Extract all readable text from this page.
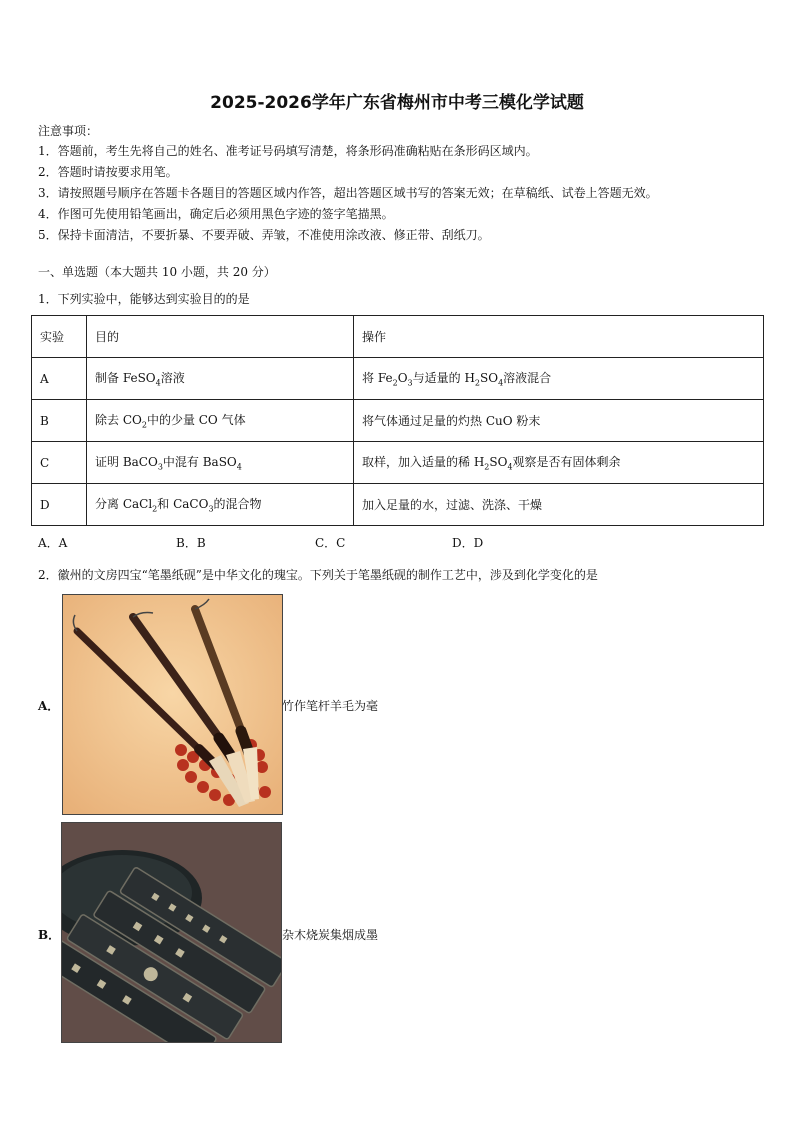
2025-2026学年广东省梅州市中考三模化学试题
注意事项：
1．答题前，考生先将自己的姓名、准考证号码填写清楚，将条形码准确粘贴在条形码区域内。
2．答题时请按要求用笔。
3．请按照题号顺序在答题卡各题目的答题区域内作答，超出答题区域书写的答案无效；在草稿纸、试卷上答题无效。
4．作图可先使用铅笔画出，确定后必须用黑色字迹的签字笔描黑。
5．保持卡面清洁，不要折暴、不要弄破、弄皱，不准使用涂改液、修正带、刮纸刀。
一、单选题（本大题共 10 小题，共 20 分）
1．下列实验中，能够达到实验目的的是
实验	目的	操作
A	制备 FeSO$_4$溶液	将 $Fe_2O_3$与适量的 $H_2SO_4$溶液混合
B	除去 $CO_2$中的少量 CO 气体	将气体通过足量的灼热 CuO 粉末
C	证明 BaCO$_3$中混有 BaSO$_4$	取样，加入适量的稀 $H_2SO_4$观察是否有固体剩余
D	分离 CaCl$_2$和 CaCO$_3$的混合物	加入足量的水，过滤、洗涤、干燥
A．A	B．B	C．C	D．D
2．徽州的文房四宝“笔墨纸砚”是中华文化的瑰宝。下列关于笔墨纸砚的制作工艺中，涉及到化学变化的是
A．	竹作笔杆羊毛为毫
B．	杂木烧炭集烟成墨
